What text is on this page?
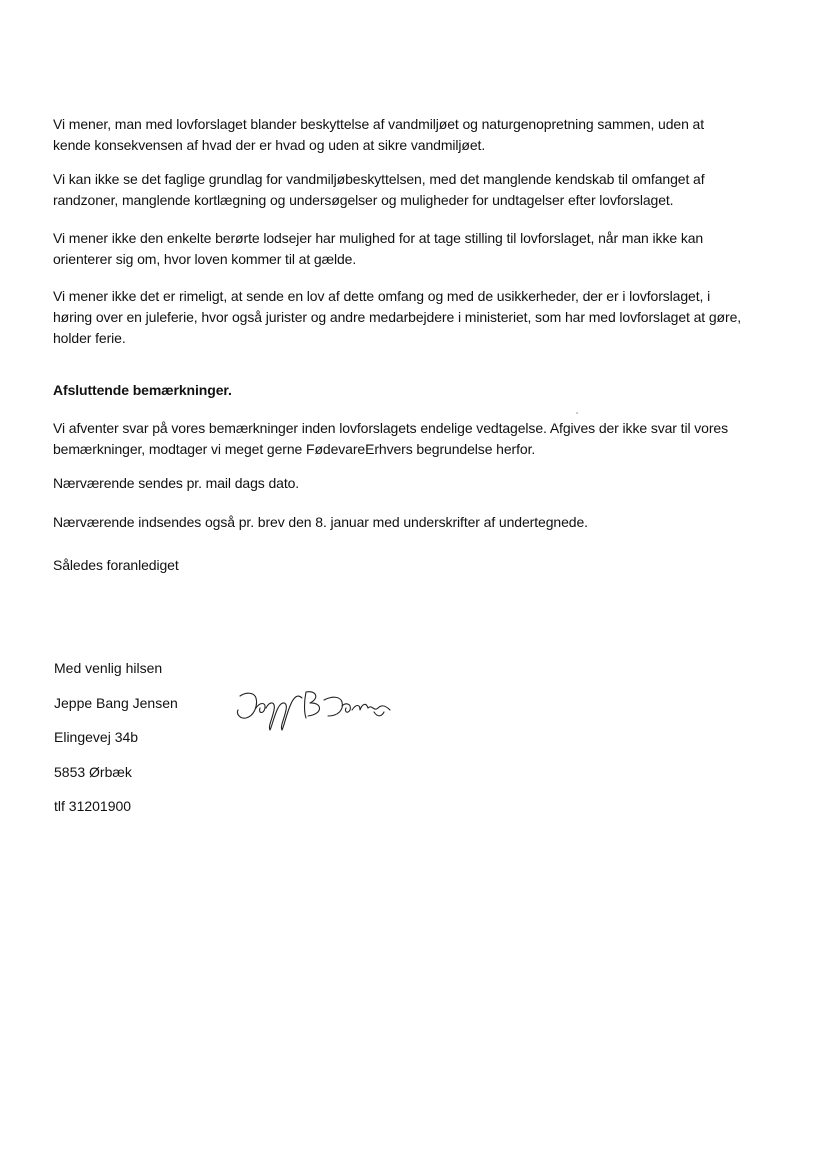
Vi mener, man med lovforslaget blander beskyttelse af vandmiljøet og naturgenopretning sammen, uden at kende konsekvensen af hvad der er hvad og uden at sikre vandmiljøet.

Vi kan ikke se det faglige grundlag for vandmiljøbeskyttelsen, med det manglende kendskab til omfanget af randzoner, manglende kortlægning og undersøgelser og muligheder for undtagelser efter lovforslaget.

Vi mener ikke den enkelte berørte lodsejer har mulighed for at tage stilling til lovforslaget, når man ikke kan orienterer sig om, hvor loven kommer til at gælde.

Vi mener ikke det er rimeligt, at sende en lov af dette omfang og med de usikkerheder, der er i lovforslaget, i høring over en juleferie, hvor også jurister og andre medarbejdere i ministeriet, som har med lovforslaget at gøre, holder ferie.

Afsluttende bemærkninger.

Vi afventer svar på vores bemærkninger inden lovforslagets endelige vedtagelse. Afgives der ikke svar til vores bemærkninger, modtager vi meget gerne FødevareErhvers begrundelse herfor.

Nærværende sendes pr. mail dags dato.

Nærværende indsendes også pr. brev den 8. januar med underskrifter af undertegnede.

Således foranlediget

Med venlig hilsen

Jeppe Bang Jensen

Elingevej 34b

5853 Ørbæk

tlf 31201900
